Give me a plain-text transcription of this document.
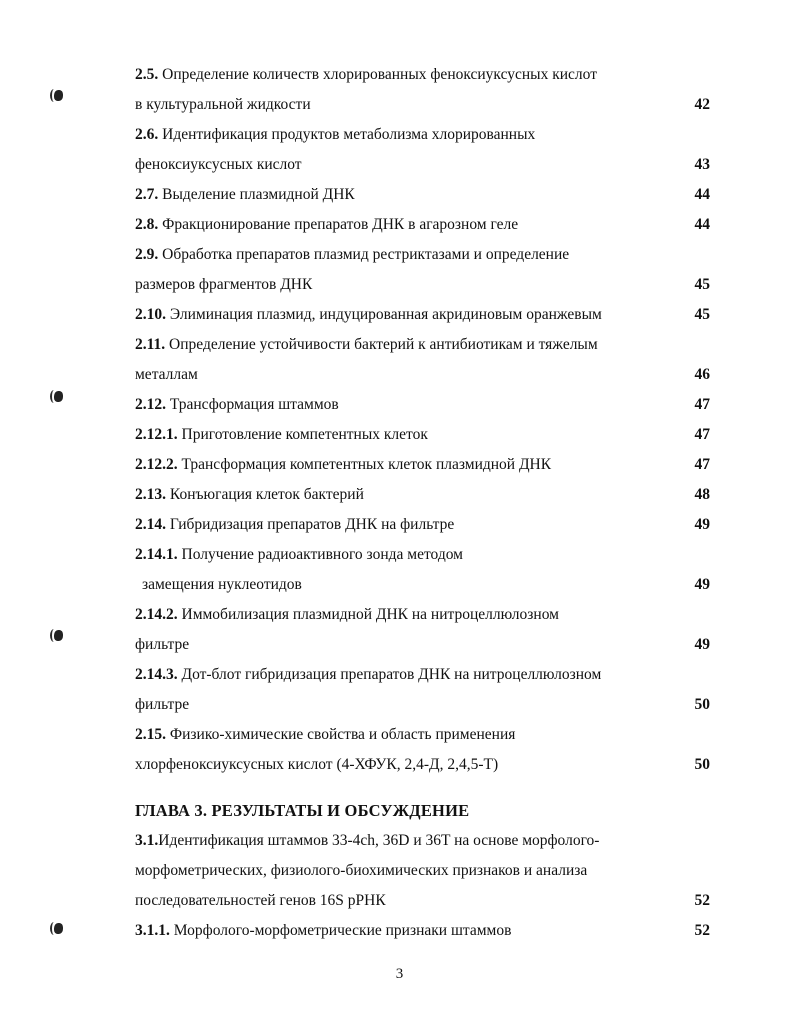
2.5. Определение количеств хлорированных феноксиуксусных кислот
в культуральной жидкости	42
2.6. Идентификация продуктов метаболизма хлорированных
феноксиуксусных кислот	43
2.7. Выделение плазмидной ДНК	44
2.8. Фракционирование препаратов ДНК в агарозном геле	44
2.9. Обработка препаратов плазмид рестриктазами и определение
размеров фрагментов ДНК	45
2.10. Элиминация плазмид, индуцированная акридиновым оранжевым	45
2.11. Определение устойчивости бактерий к антибиотикам и тяжелым
металлам	46
2.12. Трансформация штаммов	47
2.12.1. Приготовление компетентных клеток	47
2.12.2. Трансформация компетентных клеток плазмидной ДНК	47
2.13. Конъюгация клеток бактерий	48
2.14. Гибридизация препаратов ДНК на фильтре	49
2.14.1. Получение радиоактивного зонда методом
замещения нуклеотидов	49
2.14.2. Иммобилизация плазмидной ДНК на нитроцеллюлозном
фильтре	49
2.14.3. Дот-блот гибридизация препаратов ДНК на нитроцеллюлозном
фильтре	50
2.15. Физико-химические свойства и область применения
хлорфеноксиуксусных кислот (4-ХФУК, 2,4-Д, 2,4,5-Т)	50
ГЛАВА 3. РЕЗУЛЬТАТЫ И ОБСУЖДЕНИЕ
3.1.Идентификация штаммов 33-4ch, 36D и 36T на основе морфолого-
морфометрических, физиолого-биохимических признаков и анализа
последовательностей генов 16S рРНК	52
3.1.1. Морфолого-морфометрические признаки штаммов	52
3
